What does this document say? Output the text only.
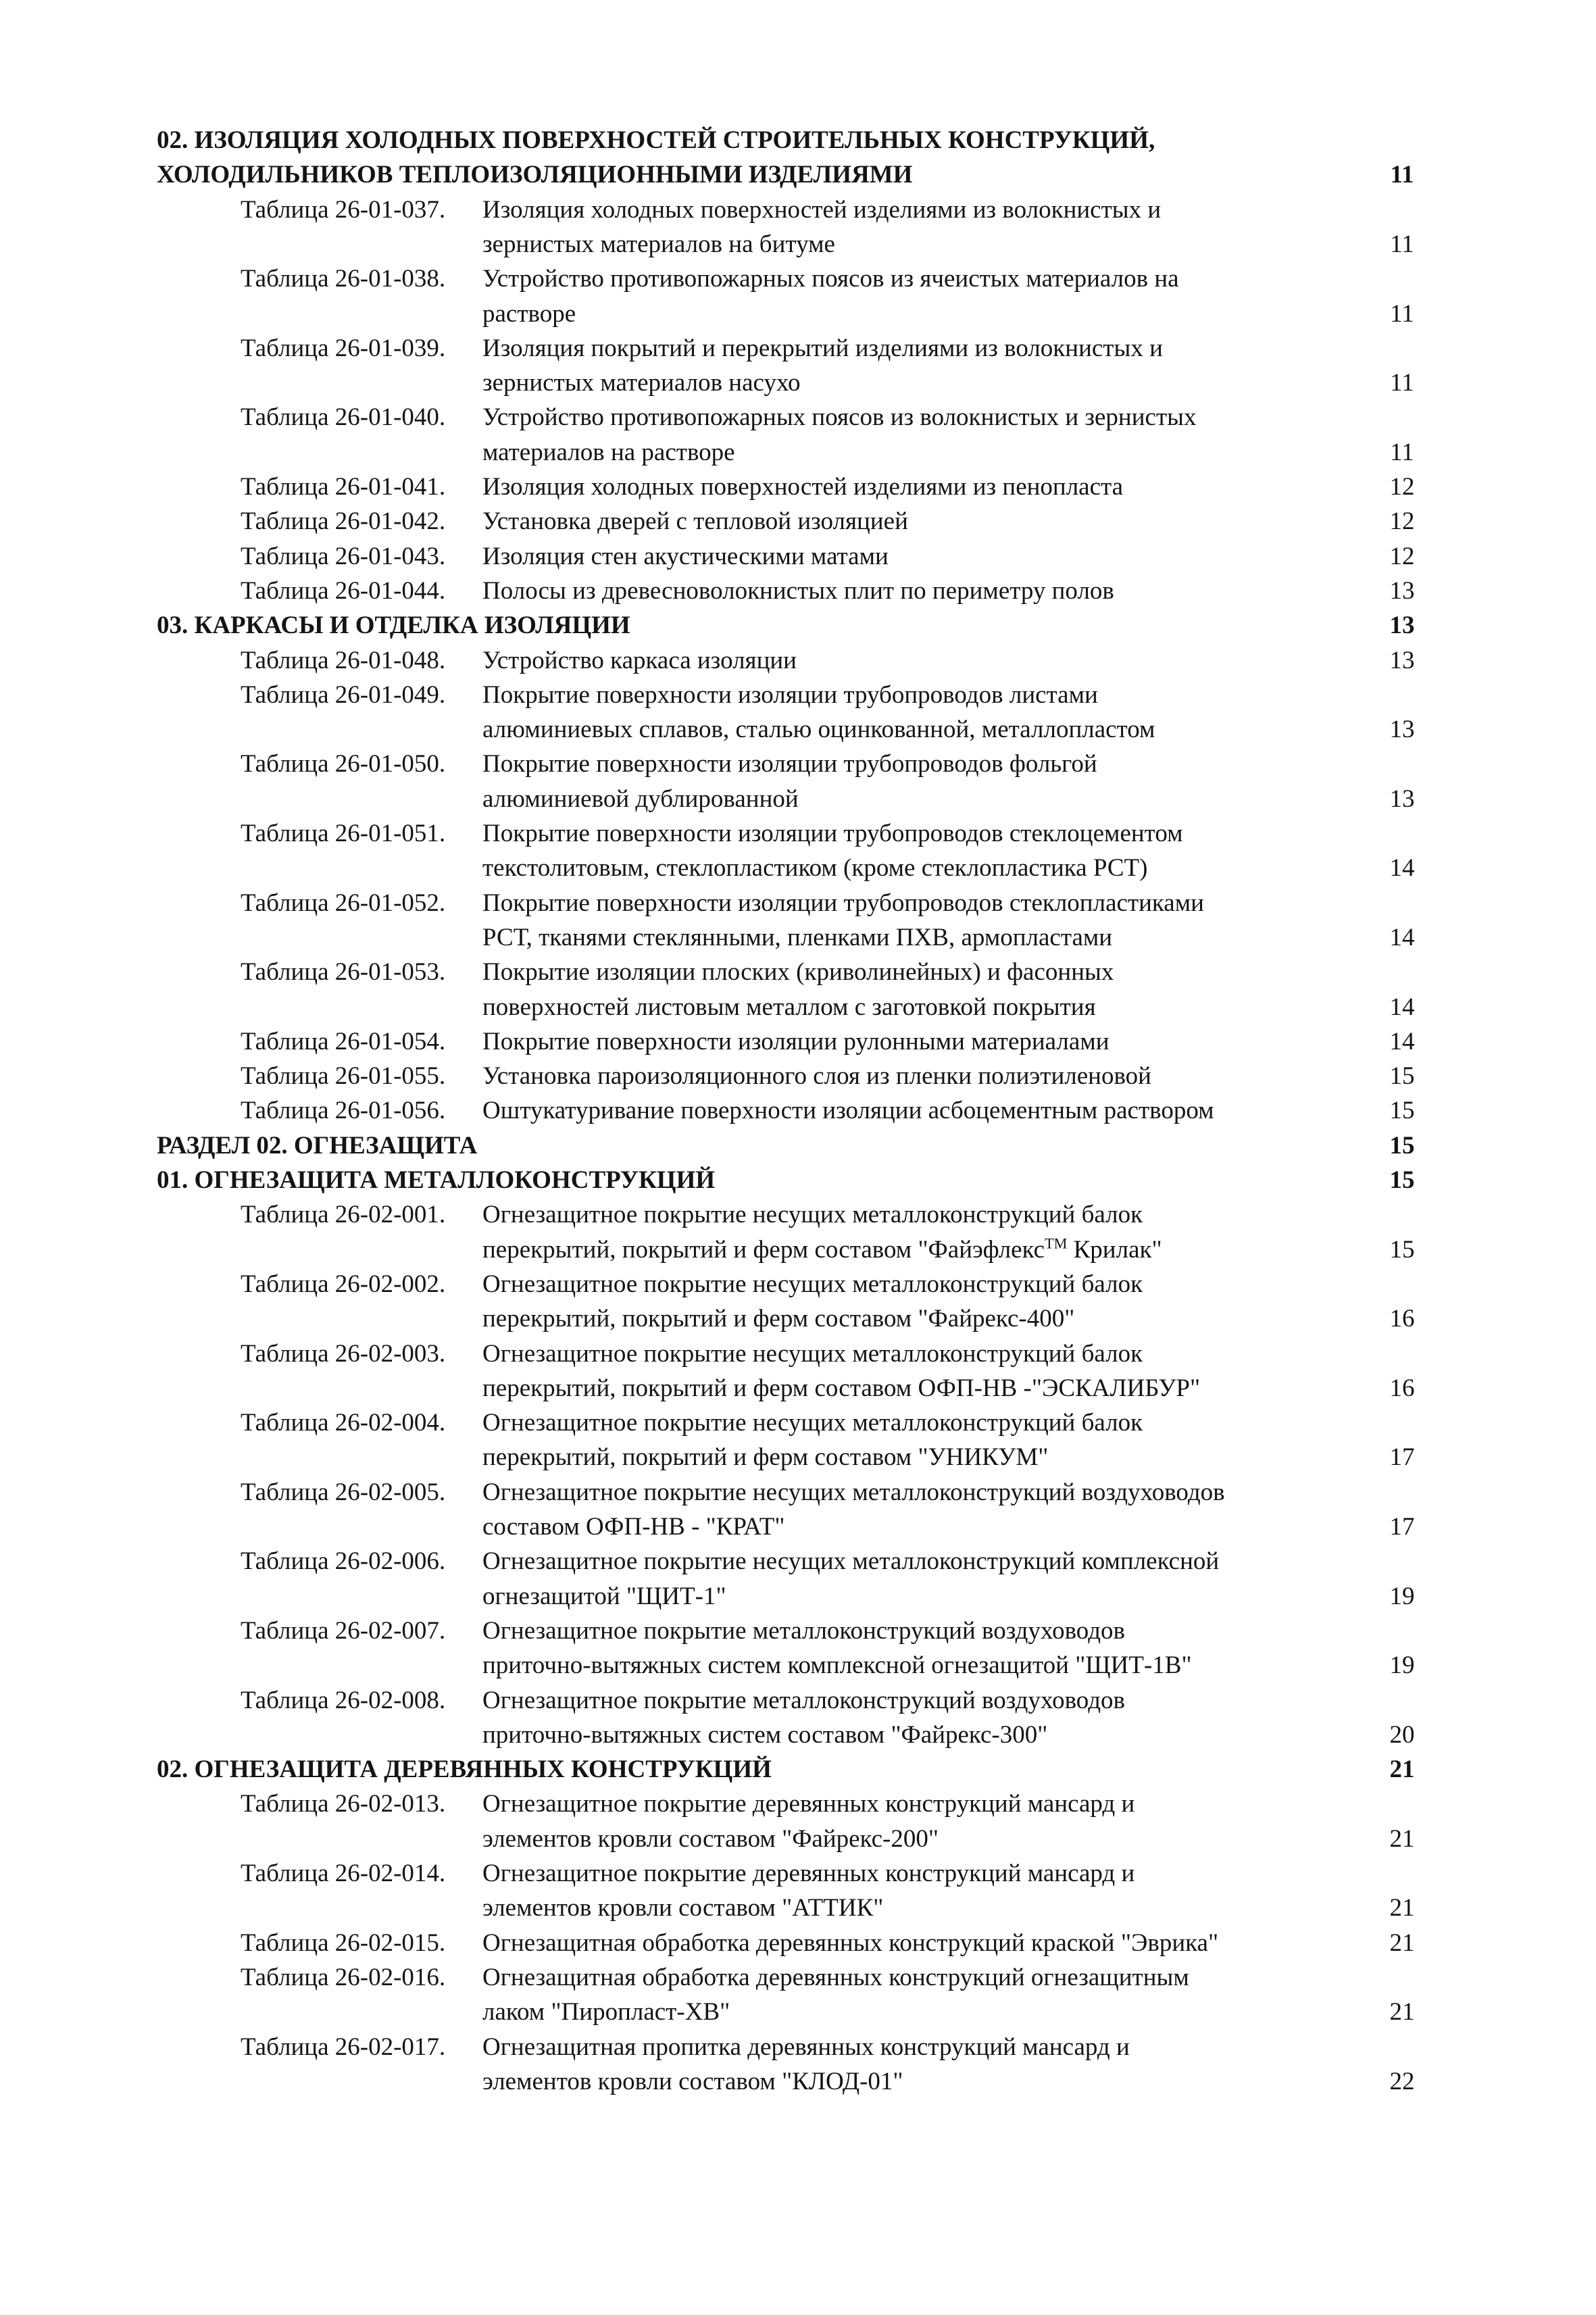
02. ИЗОЛЯЦИЯ ХОЛОДНЫХ ПОВЕРХНОСТЕЙ СТРОИТЕЛЬНЫХ КОНСТРУКЦИЙ,
ХОЛОДИЛЬНИКОВ ТЕПЛОИЗОЛЯЦИОННЫМИ ИЗДЕЛИЯМИ	11
Таблица 26-01-037. Изоляция холодных поверхностей изделиями из волокнистых и
зернистых материалов на битуме	11
Таблица 26-01-038. Устройство противопожарных поясов из ячеистых материалов на
растворе	11
Таблица 26-01-039. Изоляция покрытий и перекрытий изделиями из волокнистых и
зернистых материалов насухо	11
Таблица 26-01-040. Устройство противопожарных поясов из волокнистых и зернистых
материалов на растворе	11
Таблица 26-01-041. Изоляция холодных поверхностей изделиями из пенопласта	12
Таблица 26-01-042. Установка дверей с тепловой изоляцией	12
Таблица 26-01-043. Изоляция стен акустическими матами	12
Таблица 26-01-044. Полосы из древесноволокнистых плит по периметру полов	13
03. КАРКАСЫ И ОТДЕЛКА ИЗОЛЯЦИИ	13
Таблица 26-01-048. Устройство каркаса изоляции	13
Таблица 26-01-049. Покрытие поверхности изоляции трубопроводов листами
алюминиевых сплавов, сталью оцинкованной, металлопластом	13
Таблица 26-01-050. Покрытие поверхности изоляции трубопроводов фольгой
алюминиевой дублированной	13
Таблица 26-01-051. Покрытие поверхности изоляции трубопроводов стеклоцементом
текстолитовым, стеклопластиком (кроме стеклопластика РСТ)	14
Таблица 26-01-052. Покрытие поверхности изоляции трубопроводов стеклопластиками
РСТ, тканями стеклянными, пленками ПХВ, армопластами	14
Таблица 26-01-053. Покрытие изоляции плоских (криволинейных) и фасонных
поверхностей листовым металлом с заготовкой покрытия	14
Таблица 26-01-054. Покрытие поверхности изоляции рулонными материалами	14
Таблица 26-01-055. Установка пароизоляционного слоя из пленки полиэтиленовой	15
Таблица 26-01-056. Оштукатуривание поверхности изоляции асбоцементным раствором	15
РАЗДЕЛ 02. ОГНЕЗАЩИТА	15
01. ОГНЕЗАЩИТА МЕТАЛЛОКОНСТРУКЦИЙ	15
Таблица 26-02-001. Огнезащитное покрытие несущих металлоконструкций балок
перекрытий, покрытий и ферм составом "Файэфлекс™ Крилак"	15
Таблица 26-02-002. Огнезащитное покрытие несущих металлоконструкций балок
перекрытий, покрытий и ферм составом "Файрекс-400"	16
Таблица 26-02-003. Огнезащитное покрытие несущих металлоконструкций балок
перекрытий, покрытий и ферм составом ОФП-НВ -"ЭСКАЛИБУР"	16
Таблица 26-02-004. Огнезащитное покрытие несущих металлоконструкций балок
перекрытий, покрытий и ферм составом "УНИКУМ"	17
Таблица 26-02-005. Огнезащитное покрытие несущих металлоконструкций воздуховодов
составом ОФП-НВ - "КРАТ"	17
Таблица 26-02-006. Огнезащитное покрытие несущих металлоконструкций комплексной
огнезащитой "ЩИТ-1"	19
Таблица 26-02-007. Огнезащитное покрытие металлоконструкций воздуховодов
приточно-вытяжных систем комплексной огнезащитой "ЩИТ-1В"	19
Таблица 26-02-008. Огнезащитное покрытие металлоконструкций воздуховодов
приточно-вытяжных систем составом "Файрекс-300"	20
02. ОГНЕЗАЩИТА ДЕРЕВЯННЫХ КОНСТРУКЦИЙ	21
Таблица 26-02-013. Огнезащитное покрытие деревянных конструкций мансард и
элементов кровли составом "Файрекс-200"	21
Таблица 26-02-014. Огнезащитное покрытие деревянных конструкций мансард и
элементов кровли составом "АТТИК"	21
Таблица 26-02-015. Огнезащитная обработка деревянных конструкций краской "Эврика"	21
Таблица 26-02-016. Огнезащитная обработка деревянных конструкций огнезащитным
лаком "Пиропласт-ХВ"	21
Таблица 26-02-017. Огнезащитная пропитка деревянных конструкций мансард и
элементов кровли составом "КЛОД-01"	22
